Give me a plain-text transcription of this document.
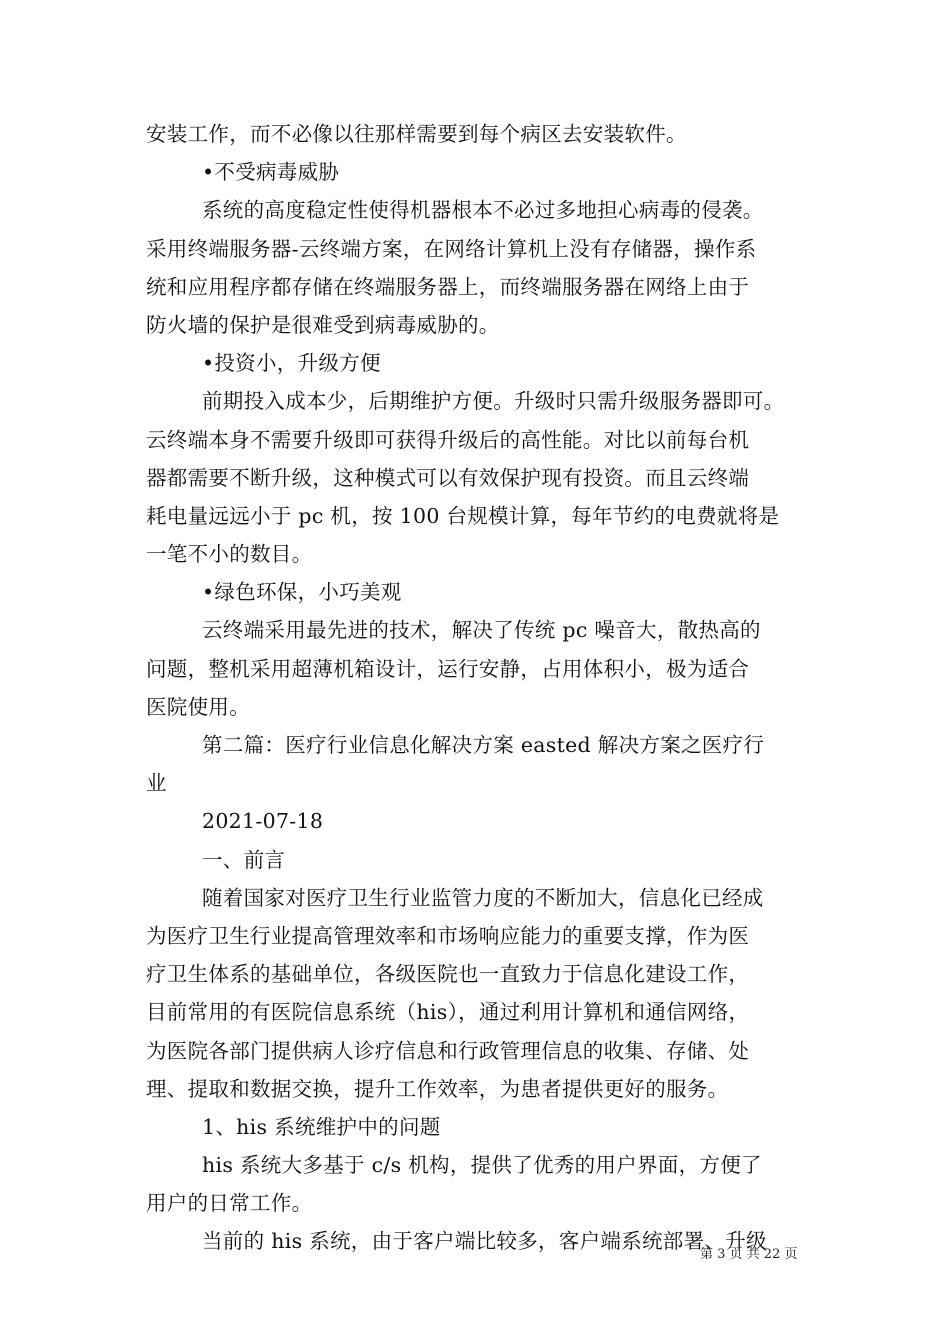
安装工作，而不必像以往那样需要到每个病区去安装软件。
•不受病毒威胁
系统的高度稳定性使得机器根本不必过多地担心病毒的侵袭。
采用终端服务器-云终端方案，在网络计算机上没有存储器，操作系
统和应用程序都存储在终端服务器上，而终端服务器在网络上由于
防火墙的保护是很难受到病毒威胁的。
•投资小，升级方便
前期投入成本少，后期维护方便。升级时只需升级服务器即可。
云终端本身不需要升级即可获得升级后的高性能。对比以前每台机
器都需要不断升级，这种模式可以有效保护现有投资。而且云终端
耗电量远远小于 pc 机，按 100 台规模计算，每年节约的电费就将是
一笔不小的数目。
•绿色环保，小巧美观
云终端采用最先进的技术，解决了传统 pc 噪音大，散热高的
问题，整机采用超薄机箱设计，运行安静，占用体积小，极为适合
医院使用。
第二篇：医疗行业信息化解决方案 easted 解决方案之医疗行
业
2021-07-18
一、前言
随着国家对医疗卫生行业监管力度的不断加大，信息化已经成
为医疗卫生行业提高管理效率和市场响应能力的重要支撑，作为医
疗卫生体系的基础单位，各级医院也一直致力于信息化建设工作，
目前常用的有医院信息系统（his），通过利用计算机和通信网络，
为医院各部门提供病人诊疗信息和行政管理信息的收集、存储、处
理、提取和数据交换，提升工作效率，为患者提供更好的服务。
1、his 系统维护中的问题
his 系统大多基于 c/s 机构，提供了优秀的用户界面，方便了
用户的日常工作。
当前的 his 系统，由于客户端比较多，客户端系统部署、升级
第 3 页 共 22 页
